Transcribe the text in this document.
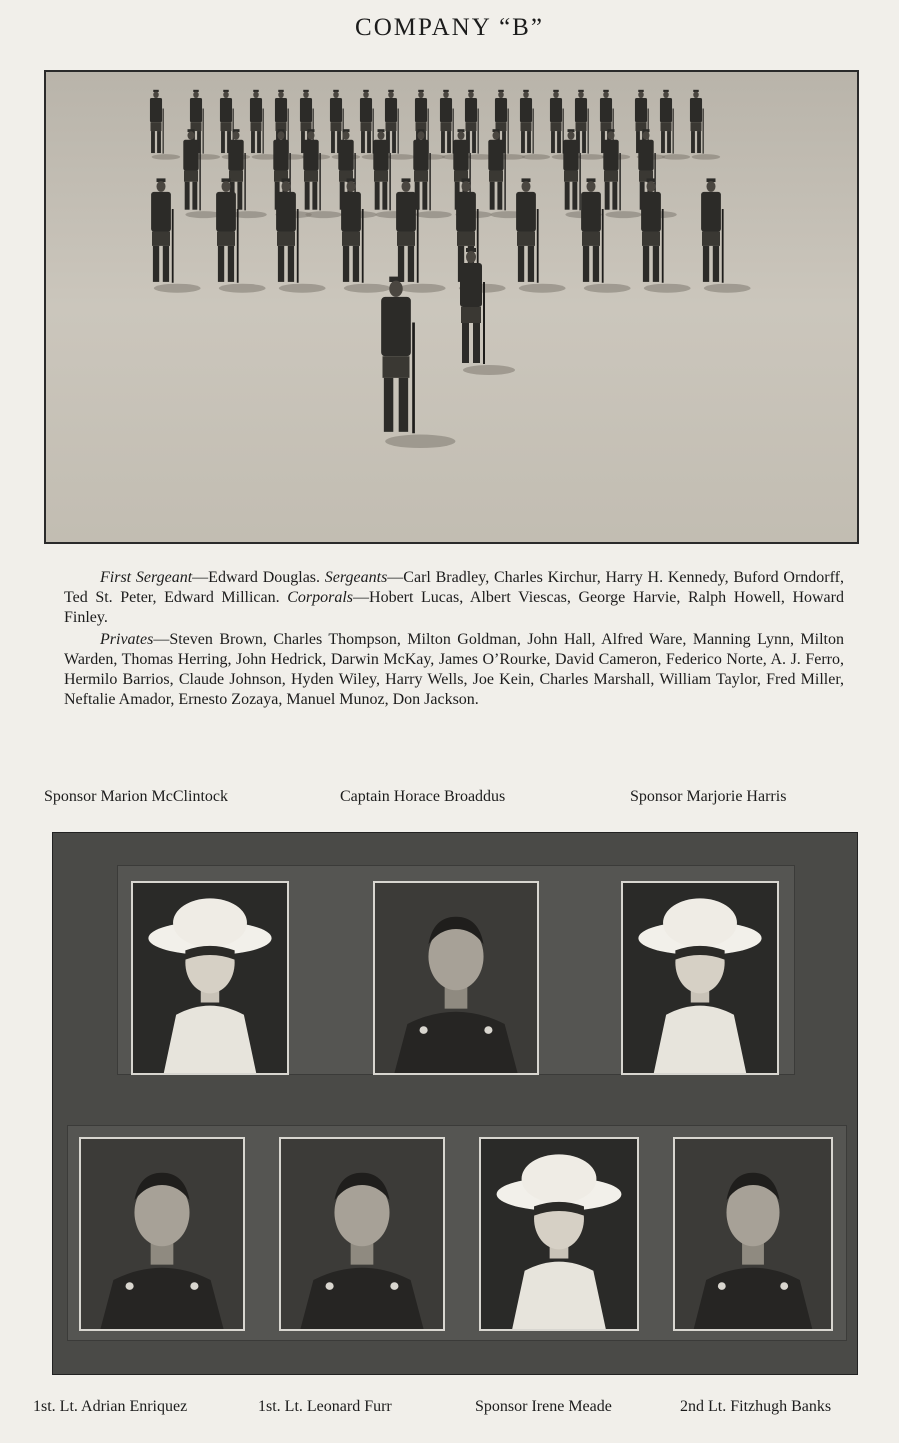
COMPANY “B”

First Sergeant—Edward Douglas. Sergeants—Carl Bradley, Charles Kirchur, Harry H. Kennedy, Buford Orndorff, Ted St. Peter, Edward Millican. Corporals—Hobert Lucas, Albert Viescas, George Harvie, Ralph Howell, Howard Finley.

Privates—Steven Brown, Charles Thompson, Milton Goldman, John Hall, Alfred Ware, Manning Lynn, Milton Warden, Thomas Herring, John Hedrick, Darwin McKay, James O’Rourke, David Cameron, Federico Norte, A. J. Ferro, Hermilo Barrios, Claude Johnson, Hyden Wiley, Harry Wells, Joe Kein, Charles Marshall, William Taylor, Fred Miller, Neftalie Amador, Ernesto Zozaya, Manuel Munoz, Don Jackson.

Sponsor Marion McClintock	Captain Horace Broaddus	Sponsor Marjorie Harris
1st. Lt. Adrian Enriquez	1st. Lt. Leonard Furr	Sponsor Irene Meade	2nd Lt. Fitzhugh Banks
